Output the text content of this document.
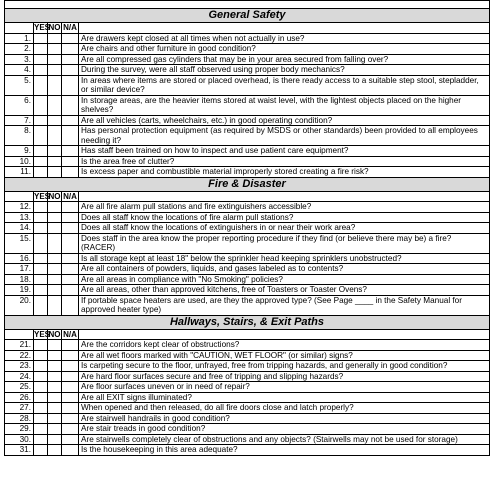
General Safety				
	YES	NO	N/A	
1.				Are drawers kept closed at all times when not actually in use?
2.				Are chairs and other furniture in good condition?
3.				Are all compressed gas cylinders that may be in your area secured from falling over?
4.				During the survey, were all staff observed using proper body mechanics?
5.				In areas where items are stored or placed overhead, is there ready access to a suitable step stool, stepladder, or similar device?
6.				In storage areas, are the heavier items stored at waist level, with the lightest objects placed on the higher shelves?
7.				Are all vehicles (carts, wheelchairs, etc.) in good operating condition?
8.				Has personal protection equipment (as required by MSDS or other standards) been provided to all employees needing it?
9.				Has staff been trained on how to inspect and use patient care equipment?
10.				Is the area free of clutter?
11.				Is excess paper and combustible material improperly stored creating a fire risk?
Fire & Disaster				
	YES	NO	N/A	
12.				Are all fire alarm pull stations and fire extinguishers accessible?
13.				Does all staff know the locations of fire alarm pull stations?
14.				Does all staff know the locations of extinguishers in or near their work area?
15.				Does staff in the area know the proper reporting procedure if they find (or believe there may be) a fire? (RACER)
16.				Is all storage kept at least 18" below the sprinkler head keeping sprinklers unobstructed?
17.				Are all containers of powders, liquids, and gases labeled as to contents?
18.				Are all areas in compliance with "No Smoking" policies?
19.				Are all areas, other than approved kitchens, free of Toasters or Toaster Ovens?
20.				If portable space heaters are used, are they the approved type? (See Page ____ in the Safety Manual for approved heater type)
Hallways, Stairs, & Exit Paths				
	YES	NO	N/A	
21.				Are the corridors kept clear of obstructions?
22.				Are all wet floors marked with "CAUTION, WET FLOOR" (or similar) signs?
23.				Is carpeting secure to the floor, unfrayed, free from tripping hazards, and generally in good condition?
24.				Are hard floor surfaces secure and free of tripping and slipping hazards?
25.				Are floor surfaces uneven or in need of repair?
26.				Are all EXIT signs illuminated?
27.				When opened and then released, do all fire doors close and latch properly?
28.				Are stairwell handrails in good condition?
29.				Are stair treads in good condition?
30.				Are stairwells completely clear of obstructions and any objects? (Stairwells may not be used for storage)
31.				Is the housekeeping in this area adequate?
